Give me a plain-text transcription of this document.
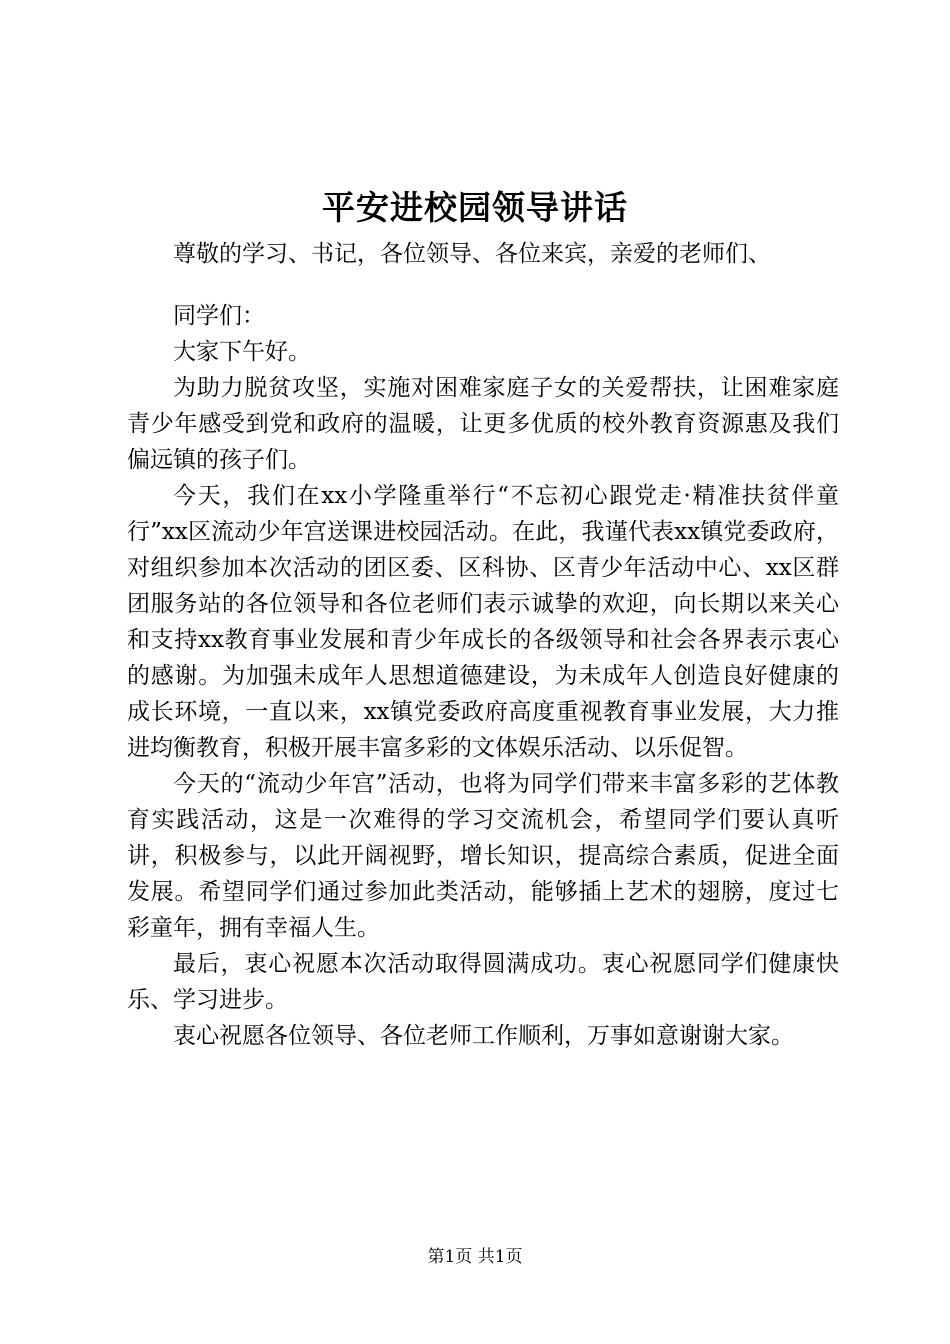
平安进校园领导讲话

尊敬的学习、书记，各位领导、各位来宾，亲爱的老师们、

同学们：

大家下午好。

为助力脱贫攻坚，实施对困难家庭子女的关爱帮扶，让困难家庭青少年感受到党和政府的温暖，让更多优质的校外教育资源惠及我们偏远镇的孩子们。

今天，我们在xx小学隆重举行“不忘初心跟党走·精准扶贫伴童行”xx区流动少年宫送课进校园活动。在此，我谨代表xx镇党委政府，对组织参加本次活动的团区委、区科协、区青少年活动中心、xx区群团服务站的各位领导和各位老师们表示诚挚的欢迎，向长期以来关心和支持xx教育事业发展和青少年成长的各级领导和社会各界表示衷心的感谢。为加强未成年人思想道德建设，为未成年人创造良好健康的成长环境，一直以来，xx镇党委政府高度重视教育事业发展，大力推进均衡教育，积极开展丰富多彩的文体娱乐活动、以乐促智。

今天的“流动少年宫”活动，也将为同学们带来丰富多彩的艺体教育实践活动，这是一次难得的学习交流机会，希望同学们要认真听讲，积极参与，以此开阔视野，增长知识，提高综合素质，促进全面发展。希望同学们通过参加此类活动，能够插上艺术的翅膀，度过七彩童年，拥有幸福人生。

最后，衷心祝愿本次活动取得圆满成功。衷心祝愿同学们健康快乐、学习进步。

衷心祝愿各位领导、各位老师工作顺利，万事如意谢谢大家。

第1页 共1页
